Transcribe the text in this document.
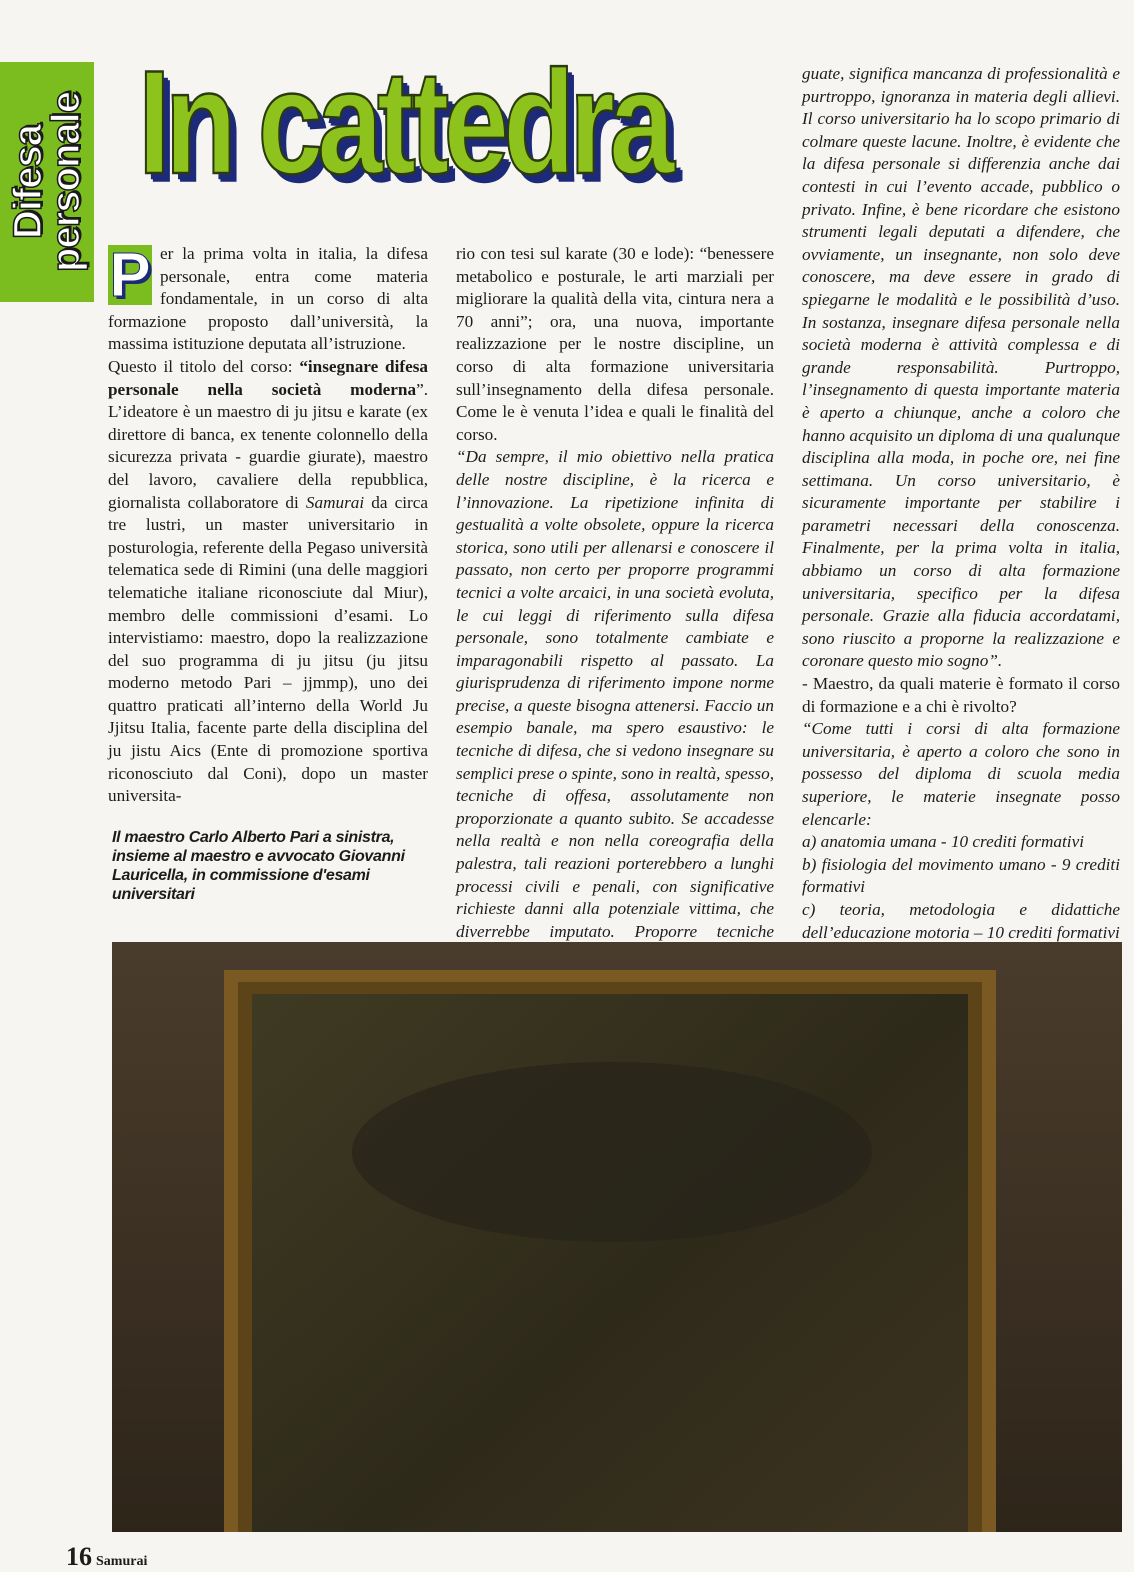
Difesa
personale In cattedra
P er la prima volta in italia, la difesa personale, entra come materia fondamentale, in un corso di alta formazione proposto dall’università, la massima istituzione deputata all’istruzione.

Questo il titolo del corso: “insegnare difesa personale nella società moderna”. L’ideatore è un maestro di ju jitsu e karate (ex direttore di banca, ex tenente colonnello della sicurezza privata - guardie giurate), maestro del lavoro, cavaliere della repubblica, giornalista collaboratore di Samurai da circa tre lustri, un master universitario in posturologia, referente della Pegaso università telematica sede di Rimini (una delle maggiori telematiche italiane riconosciute dal Miur), membro delle commissioni d’esami. Lo intervistiamo: maestro, dopo la realizzazione del suo programma di ju jitsu (ju jitsu moderno metodo Pari – jjmmp), uno dei quattro praticati all’interno della World Ju Jjitsu Italia, facente parte della disciplina del ju jistu Aics (Ente di promozione sportiva riconosciuto dal Coni), dopo un master universita-

rio con tesi sul karate (30 e lode): “benessere metabolico e posturale, le arti marziali per migliorare la qualità della vita, cintura nera a 70 anni”; ora, una nuova, importante realizzazione per le nostre discipline, un corso di alta formazione universitaria sull’insegnamento della difesa personale. Come le è venuta l’idea e quali le finalità del corso.

“Da sempre, il mio obiettivo nella pratica delle nostre discipline, è la ricerca e l’innovazione. La ripetizione infinita di gestualità a volte obsolete, oppure la ricerca storica, sono utili per allenarsi e conoscere il passato, non certo per proporre programmi tecnici a volte arcaici, in una società evoluta, le cui leggi di riferimento sulla difesa personale, sono totalmente cambiate e imparagonabili rispetto al passato. La giurisprudenza di riferimento impone norme precise, a queste bisogna attenersi. Faccio un esempio banale, ma spero esaustivo: le tecniche di difesa, che si vedono insegnare su semplici prese o spinte, sono in realtà, spesso, tecniche di offesa, assolutamente non proporzionate a quanto subito. Se accadesse nella realtà e non nella coreografia della palestra, tali reazioni porterebbero a lunghi processi civili e penali, con significative richieste danni alla potenziale vittima, che diverrebbe imputato. Proporre tecniche

guate, significa mancanza di professionalità e purtroppo, ignoranza in materia degli allievi. Il corso universitario ha lo scopo primario di colmare queste lacune. Inoltre, è evidente che la difesa personale si differenzia anche dai contesti in cui l’evento accade, pubblico o privato. Infine, è bene ricordare che esistono strumenti legali deputati a difendere, che ovviamente, un insegnante, non solo deve conoscere, ma deve essere in grado di spiegarne le modalità e le possibilità d’uso. In sostanza, insegnare difesa personale nella società moderna è attività complessa e di grande responsabilità. Purtroppo, l’insegnamento di questa importante materia è aperto a chiunque, anche a coloro che hanno acquisito un diploma di una qualunque disciplina alla moda, in poche ore, nei fine settimana. Un corso universitario, è sicuramente importante per stabilire i parametri necessari della conoscenza. Finalmente, per la prima volta in italia, abbiamo un corso di alta formazione universitaria, specifico per la difesa personale. Grazie alla fiducia accordatami, sono riuscito a proporne la realizzazione e coronare questo mio sogno”.

- Maestro, da quali materie è formato il corso di formazione e a chi è rivolto?

“Come tutti i corsi di alta formazione universitaria, è aperto a coloro che sono in possesso del diploma di scuola media superiore, le materie insegnate posso elencarle:

a) anatomia umana - 10 crediti formativi

b) fisiologia del movimento umano - 9 crediti formativi

c) teoria, metodologia e didattiche dell’educazione motoria – 10 crediti formativi

Il maestro Carlo Alberto Pari a sinistra, insieme al maestro e avvocato Giovanni Lauricella, in commissione d'esami universitari

16 Samurai
